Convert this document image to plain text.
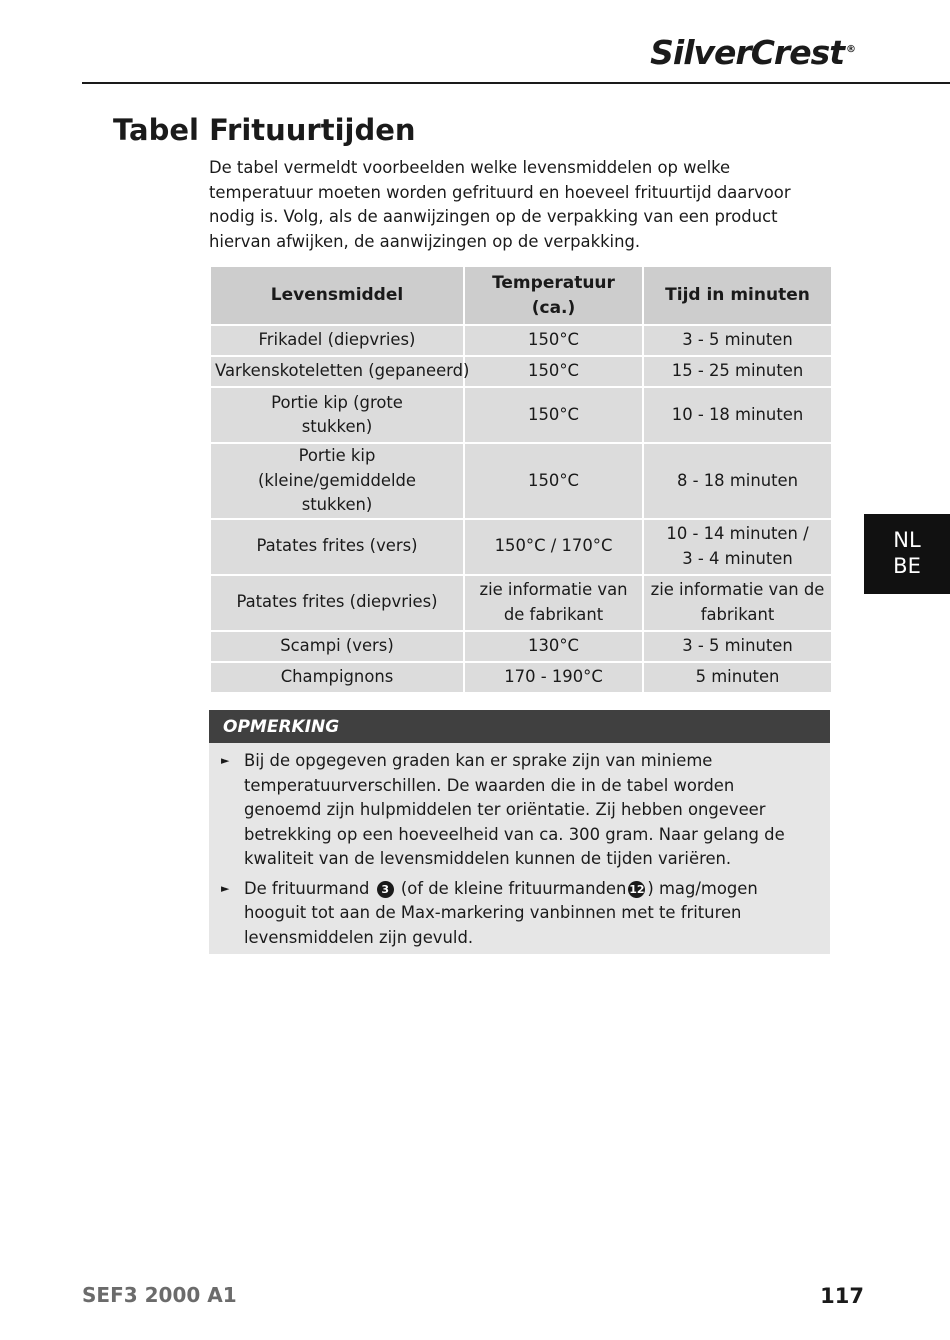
SilverCrest ®
Tabel Frituurtijden

De tabel vermeldt voorbeelden welke levensmiddelen op welke temperatuur moeten worden gefrituurd en hoeveel frituurtijd daarvoor nodig is. Volg, als de aanwijzingen op de verpakking van een product hiervan afwijken, de aanwijzingen op de verpakking.

Levensmiddel	Temperatuur (ca.)	Tijd in minuten
Frikadel (diepvries)	150°C	3 - 5 minuten
Varkenskoteletten (gepaneerd)	150°C	15 - 25 minuten
Portie kip (grote stukken)	150°C	10 - 18 minuten
Portie kip (kleine/gemiddelde stukken)	150°C	8 - 18 minuten
Patates frites (vers)	150°C / 170°C	10 - 14 minuten / 3 - 4 minuten
Patates frites (diepvries)	zie informatie van de fabrikant	zie informatie van de fabrikant
Scampi (vers)	130°C	3 - 5 minuten
Champignons	170 - 190°C	5 minuten
OPMERKING
► Bij de opgegeven graden kan er sprake zijn van minieme temperatuurverschillen. De waarden die in de tabel worden genoemd zijn hulpmiddelen ter oriëntatie. Zij hebben ongeveer betrekking op een hoeveelheid van ca. 300 gram. Naar gelang de kwaliteit van de levensmiddelen kunnen de tijden variëren.
► De frituurmand 3 (of de kleine frituurmanden 12 ) mag/mogen hooguit tot aan de Max-markering vanbinnen met te frituren levensmiddelen zijn gevuld.
NL
BE
SEF3 2000 A1	117
